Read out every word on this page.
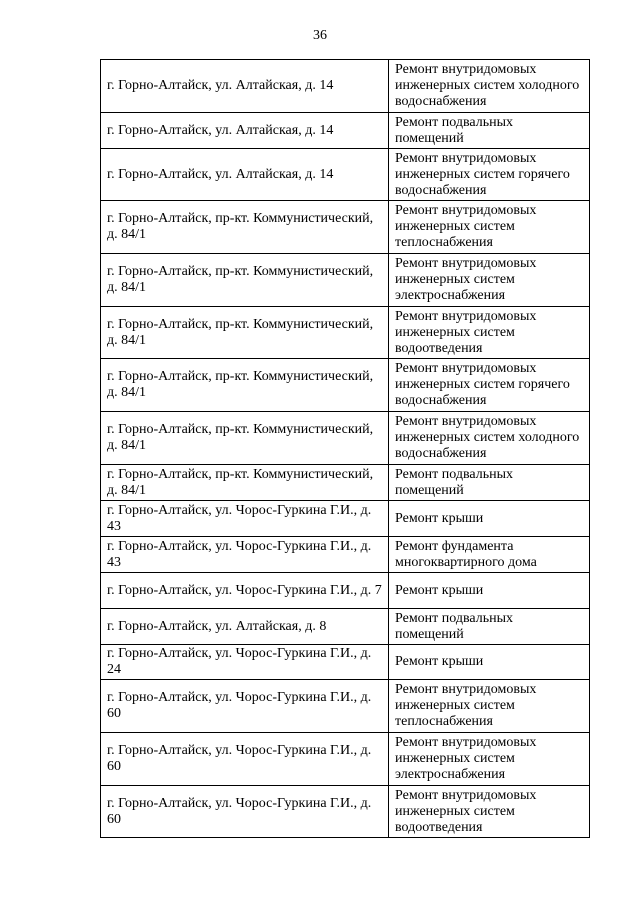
36
г. Горно-Алтайск, ул. Алтайская, д. 14	Ремонт внутридомовых инженерных систем холодного водоснабжения
г. Горно-Алтайск, ул. Алтайская, д. 14	Ремонт подвальных помещений
г. Горно-Алтайск, ул. Алтайская, д. 14	Ремонт внутридомовых инженерных систем горячего водоснабжения
г. Горно-Алтайск, пр-кт. Коммунистический, д. 84/1	Ремонт внутридомовых инженерных систем теплоснабжения
г. Горно-Алтайск, пр-кт. Коммунистический, д. 84/1	Ремонт внутридомовых инженерных систем электроснабжения
г. Горно-Алтайск, пр-кт. Коммунистический, д. 84/1	Ремонт внутридомовых инженерных систем водоотведения
г. Горно-Алтайск, пр-кт. Коммунистический, д. 84/1	Ремонт внутридомовых инженерных систем горячего водоснабжения
г. Горно-Алтайск, пр-кт. Коммунистический, д. 84/1	Ремонт внутридомовых инженерных систем холодного водоснабжения
г. Горно-Алтайск, пр-кт. Коммунистический, д. 84/1	Ремонт подвальных помещений
г. Горно-Алтайск, ул. Чорос-Гуркина Г.И., д. 43	Ремонт крыши
г. Горно-Алтайск, ул. Чорос-Гуркина Г.И., д. 43	Ремонт фундамента многоквартирного дома
г. Горно-Алтайск, ул. Чорос-Гуркина Г.И., д. 7	Ремонт крыши
г. Горно-Алтайск, ул. Алтайская, д. 8	Ремонт подвальных помещений
г. Горно-Алтайск, ул. Чорос-Гуркина Г.И., д. 24	Ремонт крыши
г. Горно-Алтайск, ул. Чорос-Гуркина Г.И., д. 60	Ремонт внутридомовых инженерных систем теплоснабжения
г. Горно-Алтайск, ул. Чорос-Гуркина Г.И., д. 60	Ремонт внутридомовых инженерных систем электроснабжения
г. Горно-Алтайск, ул. Чорос-Гуркина Г.И., д. 60	Ремонт внутридомовых инженерных систем водоотведения
